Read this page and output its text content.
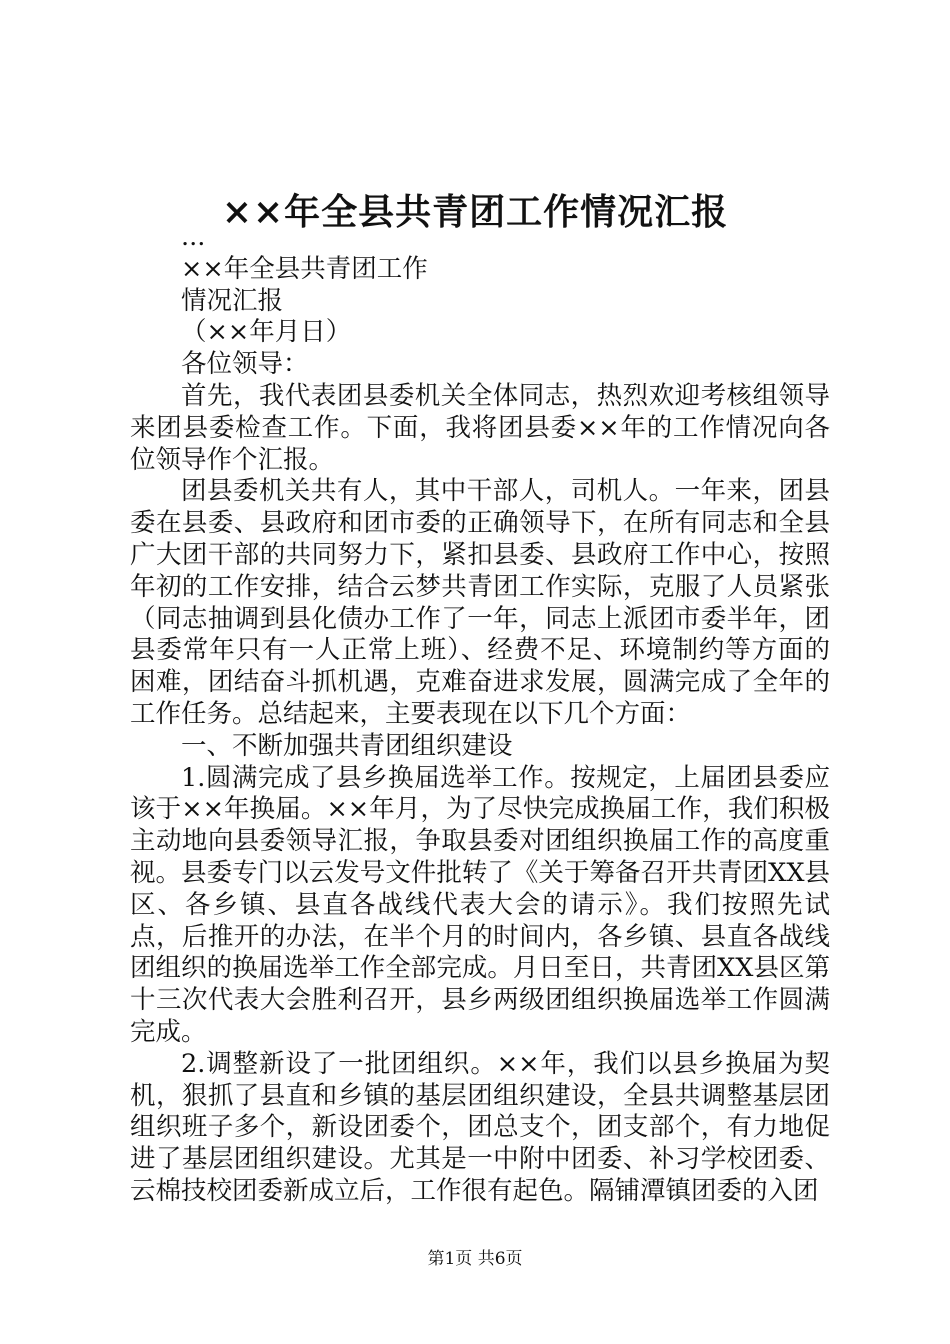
××年全县共青团工作情况汇报

...

××年全县共青团工作

情况汇报

（××年月日）

各位领导：

首先，我代表团县委机关全体同志，热烈欢迎考核组领导来团县委检查工作。下面，我将团县委××年的工作情况向各位领导作个汇报。

团县委机关共有人，其中干部人，司机人。一年来，团县委在县委、县政府和团市委的正确领导下，在所有同志和全县广大团干部的共同努力下，紧扣县委、县政府工作中心，按照年初的工作安排，结合云梦共青团工作实际，克服了人员紧张（同志抽调到县化债办工作了一年，同志上派团市委半年，团县委常年只有一人正常上班）、经费不足、环境制约等方面的困难，团结奋斗抓机遇，克难奋进求发展，圆满完成了全年的工作任务。总结起来，主要表现在以下几个方面：

一、不断加强共青团组织建设

1.圆满完成了县乡换届选举工作。按规定，上届团县委应该于××年换届。××年月，为了尽快完成换届工作，我们积极主动地向县委领导汇报，争取县委对团组织换届工作的高度重视。县委专门以云发号文件批转了《关于筹备召开共青团XX县区、各乡镇、县直各战线代表大会的请示》。我们按照先试点，后推开的办法，在半个月的时间内，各乡镇、县直各战线团组织的换届选举工作全部完成。月日至日，共青团XX县区第十三次代表大会胜利召开，县乡两级团组织换届选举工作圆满完成。

2.调整新设了一批团组织。××年，我们以县乡换届为契机，狠抓了县直和乡镇的基层团组织建设，全县共调整基层团组织班子多个，新设团委个，团总支个，团支部个，有力地促进了基层团组织建设。尤其是一中附中团委、补习学校团委、云棉技校团委新成立后，工作很有起色。隔铺潭镇团委的入团

第1页 共6页
